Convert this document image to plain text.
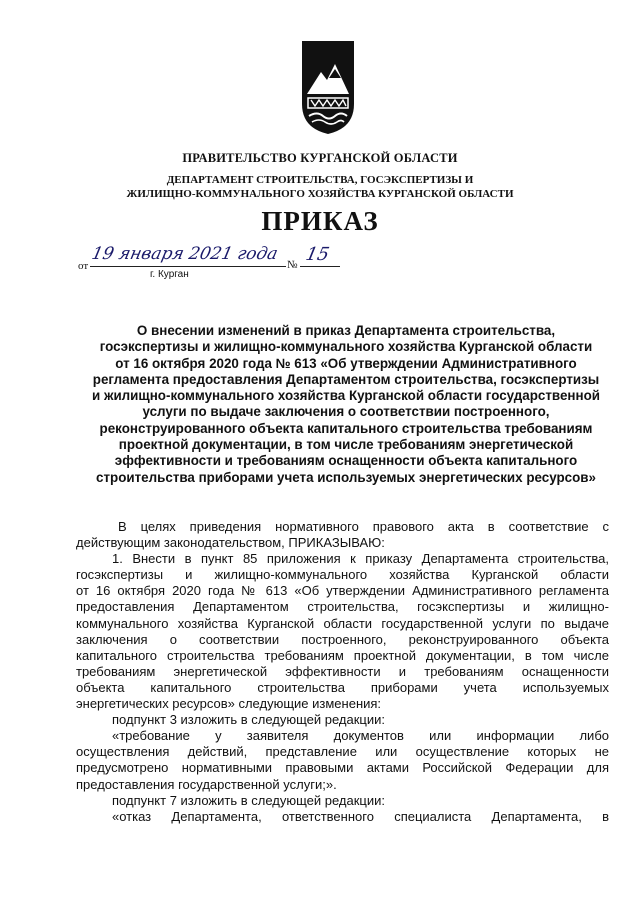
ПРАВИТЕЛЬСТВО КУРГАНСКОЙ ОБЛАСТИ
ДЕПАРТАМЕНТ СТРОИТЕЛЬСТВА, ГОСЭКСПЕРТИЗЫ И
ЖИЛИЩНО-КОММУНАЛЬНОГО ХОЗЯЙСТВА КУРГАНСКОЙ ОБЛАСТИ
ПРИКАЗ
от
19 января 2021 года
№ 15
г. Курган
О внесении изменений в приказ Департамента строительства,
госэкспертизы и жилищно-коммунального хозяйства Курганской области
от 16 октября 2020 года № 613 «Об утверждении Административного
регламента предоставления Департаментом строительства, госэкспертизы
и жилищно-коммунального хозяйства Курганской области государственной
услуги по выдаче заключения о соответствии построенного,
реконструированного объекта капитального строительства требованиям
проектной документации, в том числе требованиям энергетической
эффективности и требованиям оснащенности объекта капитального
строительства приборами учета используемых энергетических ресурсов»
В целях приведения нормативного правового акта в соответствие с
действующим законодательством, ПРИКАЗЫВАЮ:
1. Внести в пункт 85 приложения к приказу Департамента строительства,
госэкспертизы и жилищно-коммунального хозяйства Курганской области
от 16 октября 2020 года № 613 «Об утверждении Административного регламента
предоставления Департаментом строительства, госэкспертизы и жилищно-
коммунального хозяйства Курганской области государственной услуги по выдаче
заключения о соответствии построенного, реконструированного объекта
капитального строительства требованиям проектной документации, в том числе
требованиям энергетической эффективности и требованиям оснащенности
объекта капитального строительства приборами учета используемых
энергетических ресурсов» следующие изменения:
подпункт 3 изложить в следующей редакции:
«требование у заявителя документов или информации либо
осуществления действий, представление или осуществление которых не
предусмотрено нормативными правовыми актами Российской Федерации для
предоставления государственной услуги;».
подпункт 7 изложить в следующей редакции:
«отказ Департамента, ответственного специалиста Департамента, в
